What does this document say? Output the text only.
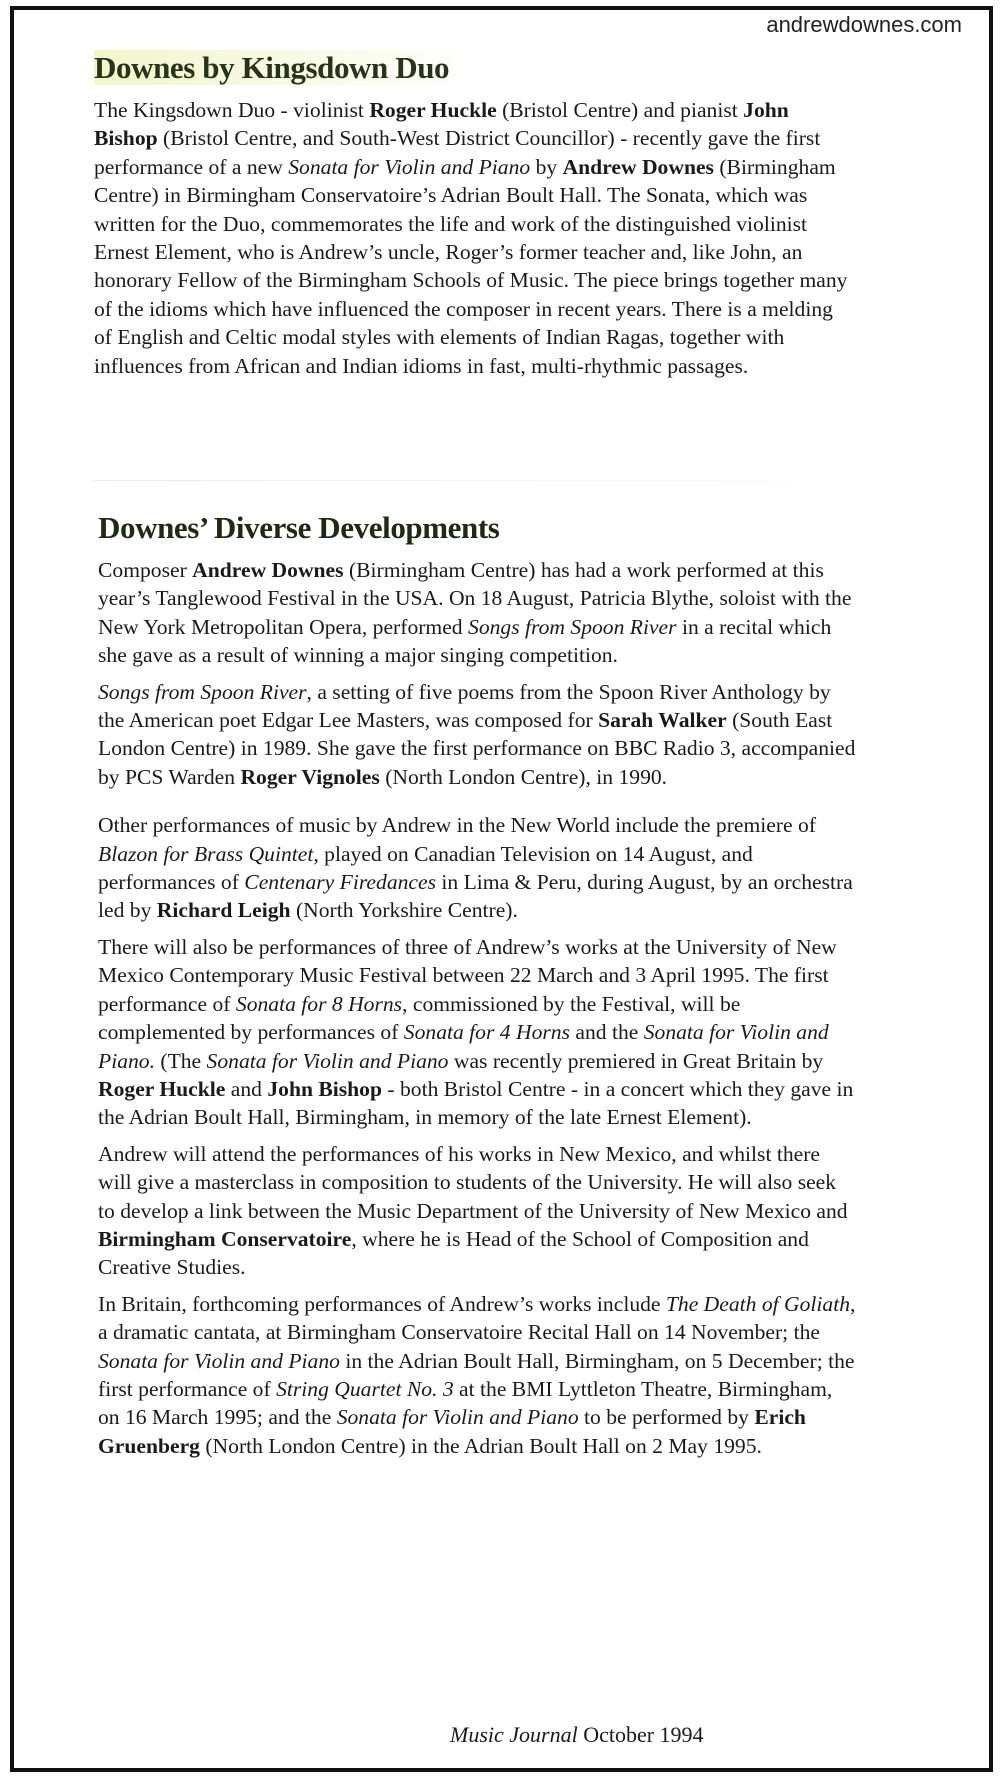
andrewdownes.com
Downes by Kingsdown Duo

The Kingsdown Duo - violinist Roger Huckle (Bristol Centre) and pianist John Bishop (Bristol Centre, and South-West District Councillor) - recently gave the first performance of a new Sonata for Violin and Piano by Andrew Downes (Birmingham Centre) in Birmingham Conservatoire’s Adrian Boult Hall. The Sonata, which was written for the Duo, commemorates the life and work of the distinguished violinist Ernest Element, who is Andrew’s uncle, Roger’s former teacher and, like John, an honorary Fellow of the Birmingham Schools of Music. The piece brings together many of the idioms which have influenced the composer in recent years. There is a melding of English and Celtic modal styles with elements of Indian Ragas, together with influences from African and Indian idioms in fast, multi-rhythmic passages.

Downes’ Diverse Developments

Composer Andrew Downes (Birmingham Centre) has had a work performed at this year’s Tanglewood Festival in the USA. On 18 August, Patricia Blythe, soloist with the New York Metropolitan Opera, performed Songs from Spoon River in a recital which she gave as a result of winning a major singing competition.

Songs from Spoon River, a setting of five poems from the Spoon River Anthology by the American poet Edgar Lee Masters, was composed for Sarah Walker (South East London Centre) in 1989. She gave the first performance on BBC Radio 3, accompanied by PCS Warden Roger Vignoles (North London Centre), in 1990.

Other performances of music by Andrew in the New World include the premiere of Blazon for Brass Quintet, played on Canadian Television on 14 August, and performances of Centenary Firedances in Lima & Peru, during August, by an orchestra led by Richard Leigh (North Yorkshire Centre).

There will also be performances of three of Andrew’s works at the University of New Mexico Contemporary Music Festival between 22 March and 3 April 1995. The first performance of Sonata for 8 Horns, commissioned by the Festival, will be complemented by performances of Sonata for 4 Horns and the Sonata for Violin and Piano. (The Sonata for Violin and Piano was recently premiered in Great Britain by Roger Huckle and John Bishop - both Bristol Centre - in a concert which they gave in the Adrian Boult Hall, Birmingham, in memory of the late Ernest Element).

Andrew will attend the performances of his works in New Mexico, and whilst there will give a masterclass in composition to students of the University. He will also seek to develop a link between the Music Department of the University of New Mexico and Birmingham Conservatoire, where he is Head of the School of Composition and Creative Studies.

In Britain, forthcoming performances of Andrew’s works include The Death of Goliath, a dramatic cantata, at Birmingham Conservatoire Recital Hall on 14 November; the Sonata for Violin and Piano in the Adrian Boult Hall, Birmingham, on 5 December; the first performance of String Quartet No. 3 at the BMI Lyttleton Theatre, Birmingham, on 16 March 1995; and the Sonata for Violin and Piano to be performed by Erich Gruenberg (North London Centre) in the Adrian Boult Hall on 2 May 1995.

Music Journal October 1994
